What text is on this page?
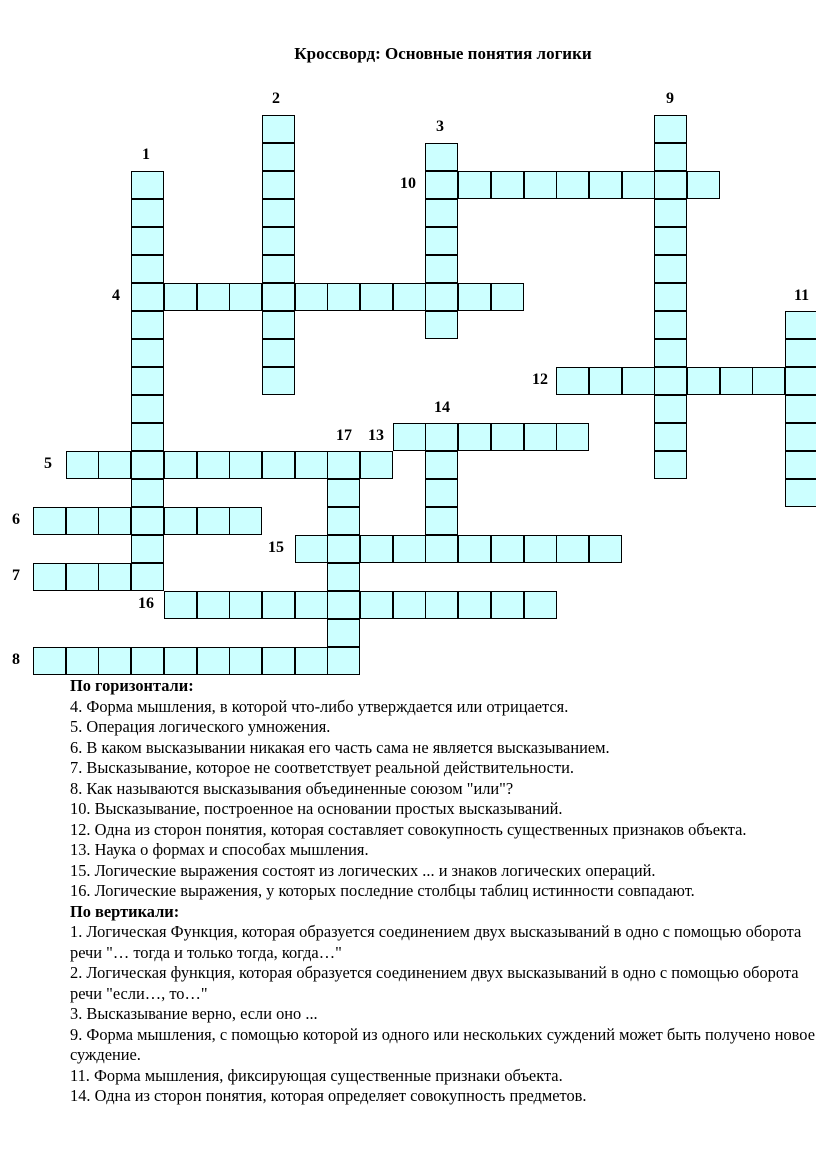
Кроссворд: Основные понятия логики
2	9
3
1
10
4	11
12
14
17 13
5
6
15
7
16
8
По горизонтали:
4. Форма мышления, в которой что-либо утверждается или отрицается.
5. Операция логического умножения.
6. В каком высказывании никакая его часть сама не является высказыванием.
7. Высказывание, которое не соответствует реальной действительности.
8. Как называются высказывания объединенные союзом "или"?
10. Высказывание, построенное на основании простых высказываний.
12. Одна из сторон понятия, которая составляет совокупность существенных признаков объекта.
13. Наука о формах и способах мышления.
15. Логические выражения состоят из логических ... и знаков логических операций.
16. Логические выражения, у которых последние столбцы таблиц истинности совпадают.
По вертикали:
1. Логическая Функция, которая образуется соединением двух высказываний в одно с помощью оборота речи "… тогда и только тогда, когда…"
2. Логическая функция, которая образуется соединением двух высказываний в одно с помощью оборота речи "если…, то…"
3. Высказывание верно, если оно ...
9. Форма мышления, с помощью которой из одного или нескольких суждений может быть получено новое суждение.
11. Форма мышления, фиксирующая существенные признаки объекта.
14. Одна из сторон понятия, которая определяет совокупность предметов.
